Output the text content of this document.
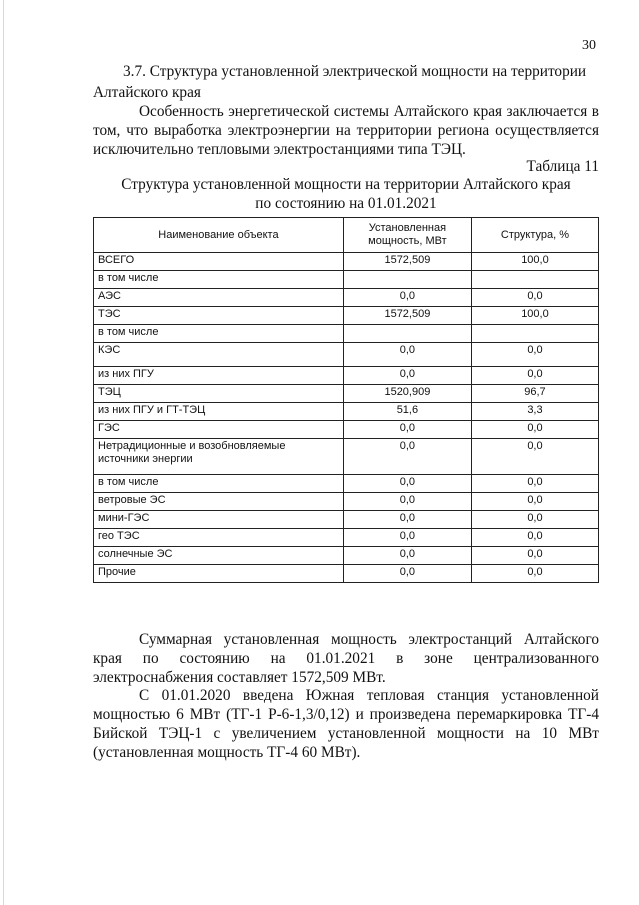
30
3.7. Структура установленной электрической мощности на территории Алтайского края
Особенность энергетической системы Алтайского края заключается в том, что выработка электроэнергии на территории региона осуществляется исключительно тепловыми электростанциями типа ТЭЦ.
Таблица 11
Структура установленной мощности на территории Алтайского края
по состоянию на 01.01.2021
Наименование объекта	Установленная мощность, МВт	Структура, %
ВСЕГО	1572,509	100,0
в том числе		
АЭС	0,0	0,0
ТЭС	1572,509	100,0
в том числе		
КЭС	0,0	0,0
из них ПГУ	0,0	0,0
ТЭЦ	1520,909	96,7
из них ПГУ и ГТ-ТЭЦ	51,6	3,3
ГЭС	0,0	0,0
Нетрадиционные и возобновляемые источники энергии	0,0	0,0
в том числе	0,0	0,0
ветровые ЭС	0,0	0,0
мини-ГЭС	0,0	0,0
гео ТЭС	0,0	0,0
солнечные ЭС	0,0	0,0
Прочие	0,0	0,0
Суммарная установленная мощность электростанций Алтайского края по состоянию на 01.01.2021 в зоне централизованного электроснабжения составляет 1572,509 МВт.
С 01.01.2020 введена Южная тепловая станция установленной мощностью 6 МВт (ТГ-1 Р-6-1,3/0,12) и произведена перемаркировка ТГ-4 Бийской ТЭЦ-1 с увеличением установленной мощности на 10 МВт (установленная мощность ТГ-4 60 МВт).
